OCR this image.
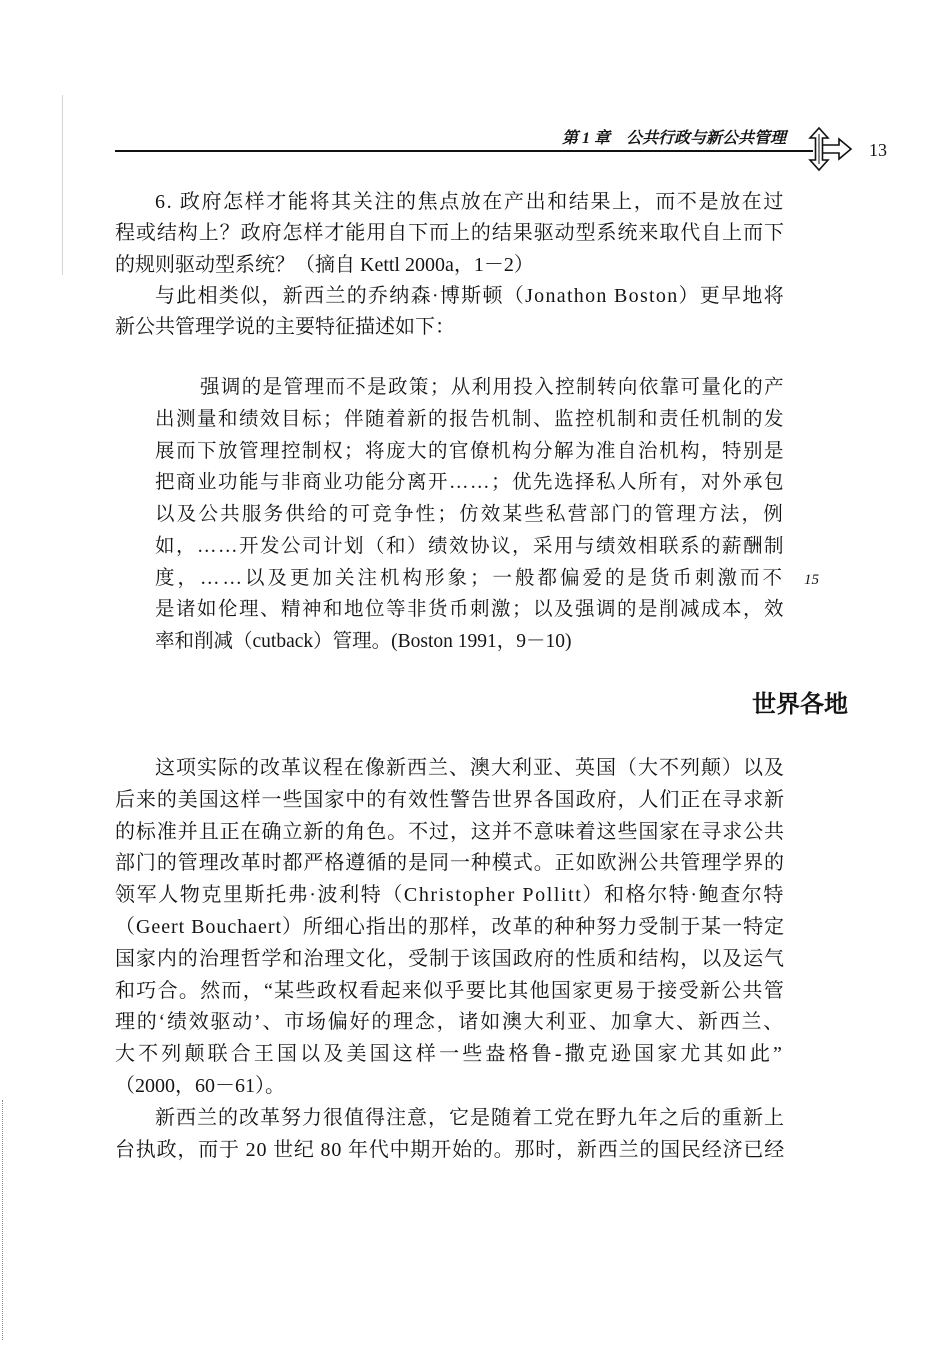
第 1 章 公共行政与新公共管理
13
6. 政府怎样才能将其关注的焦点放在产出和结果上，而不是放在过
程或结构上？政府怎样才能用自下而上的结果驱动型系统来取代自上而下
的规则驱动型系统？（摘自 Kettl 2000a，1－2）
与此相类似，新西兰的乔纳森·博斯顿（Jonathon Boston）更早地将
新公共管理学说的主要特征描述如下：
强调的是管理而不是政策；从利用投入控制转向依靠可量化的产
出测量和绩效目标；伴随着新的报告机制、监控机制和责任机制的发
展而下放管理控制权；将庞大的官僚机构分解为准自治机构，特别是
把商业功能与非商业功能分离开……；优先选择私人所有，对外承包
以及公共服务供给的可竞争性；仿效某些私营部门的管理方法，例
如，……开发公司计划（和）绩效协议，采用与绩效相联系的薪酬制
度，……以及更加关注机构形象；一般都偏爱的是货币刺激而不
是诸如伦理、精神和地位等非货币刺激；以及强调的是削减成本，效
率和削减（cutback）管理。(Boston 1991，9－10)
15
世界各地
这项实际的改革议程在像新西兰、澳大利亚、英国（大不列颠）以及
后来的美国这样一些国家中的有效性警告世界各国政府，人们正在寻求新
的标准并且正在确立新的角色。不过，这并不意味着这些国家在寻求公共
部门的管理改革时都严格遵循的是同一种模式。正如欧洲公共管理学界的
领军人物克里斯托弗·波利特（Christopher Pollitt）和格尔特·鲍查尔特
（Geert Bouchaert）所细心指出的那样，改革的种种努力受制于某一特定
国家内的治理哲学和治理文化，受制于该国政府的性质和结构，以及运气
和巧合。然而，“某些政权看起来似乎要比其他国家更易于接受新公共管
理的‘绩效驱动’、市场偏好的理念，诸如澳大利亚、加拿大、新西兰、
大不列颠联合王国以及美国这样一些盎格鲁-撒克逊国家尤其如此”
（2000，60－61）。
新西兰的改革努力很值得注意，它是随着工党在野九年之后的重新上
台执政，而于 20 世纪 80 年代中期开始的。那时，新西兰的国民经济已经
